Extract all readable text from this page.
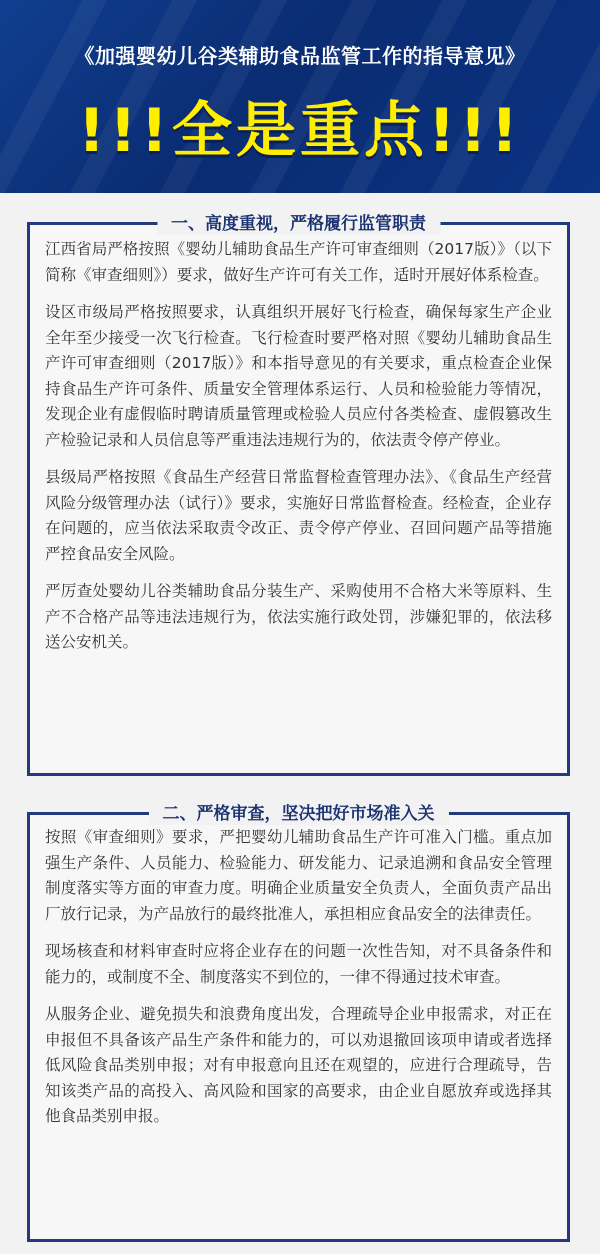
《加强婴幼儿谷类辅助食品监管工作的指导意见》
!!!全是重点!!!
一、高度重视，严格履行监管职责

江西省局严格按照《婴幼儿辅助食品生产许可审查细则（2017版）》（以下简称《审查细则》）要求，做好生产许可有关工作，适时开展好体系检查。

设区市级局严格按照要求，认真组织开展好飞行检查，确保每家生产企业全年至少接受一次飞行检查。飞行检查时要严格对照《婴幼儿辅助食品生产许可审查细则（2017版）》和本指导意见的有关要求，重点检查企业保持食品生产许可条件、质量安全管理体系运行、人员和检验能力等情况，发现企业有虚假临时聘请质量管理或检验人员应付各类检查、虚假篡改生产检验记录和人员信息等严重违法违规行为的，依法责令停产停业。

县级局严格按照《食品生产经营日常监督检查管理办法》、《食品生产经营风险分级管理办法（试行）》要求，实施好日常监督检查。经检查，企业存在问题的，应当依法采取责令改正、责令停产停业、召回问题产品等措施严控食品安全风险。

严厉查处婴幼儿谷类辅助食品分装生产、采购使用不合格大米等原料、生产不合格产品等违法违规行为，依法实施行政处罚，涉嫌犯罪的，依法移送公安机关。

二、严格审查，坚决把好市场准入关

按照《审查细则》要求，严把婴幼儿辅助食品生产许可准入门槛。重点加强生产条件、人员能力、检验能力、研发能力、记录追溯和食品安全管理制度落实等方面的审查力度。明确企业质量安全负责人，全面负责产品出厂放行记录，为产品放行的最终批准人，承担相应食品安全的法律责任。

现场核查和材料审查时应将企业存在的问题一次性告知，对不具备条件和能力的，或制度不全、制度落实不到位的，一律不得通过技术审查。

从服务企业、避免损失和浪费角度出发，合理疏导企业申报需求，对正在申报但不具备该产品生产条件和能力的，可以劝退撤回该项申请或者选择低风险食品类别申报；对有申报意向且还在观望的，应进行合理疏导，告知该类产品的高投入、高风险和国家的高要求，由企业自愿放弃或选择其他食品类别申报。
